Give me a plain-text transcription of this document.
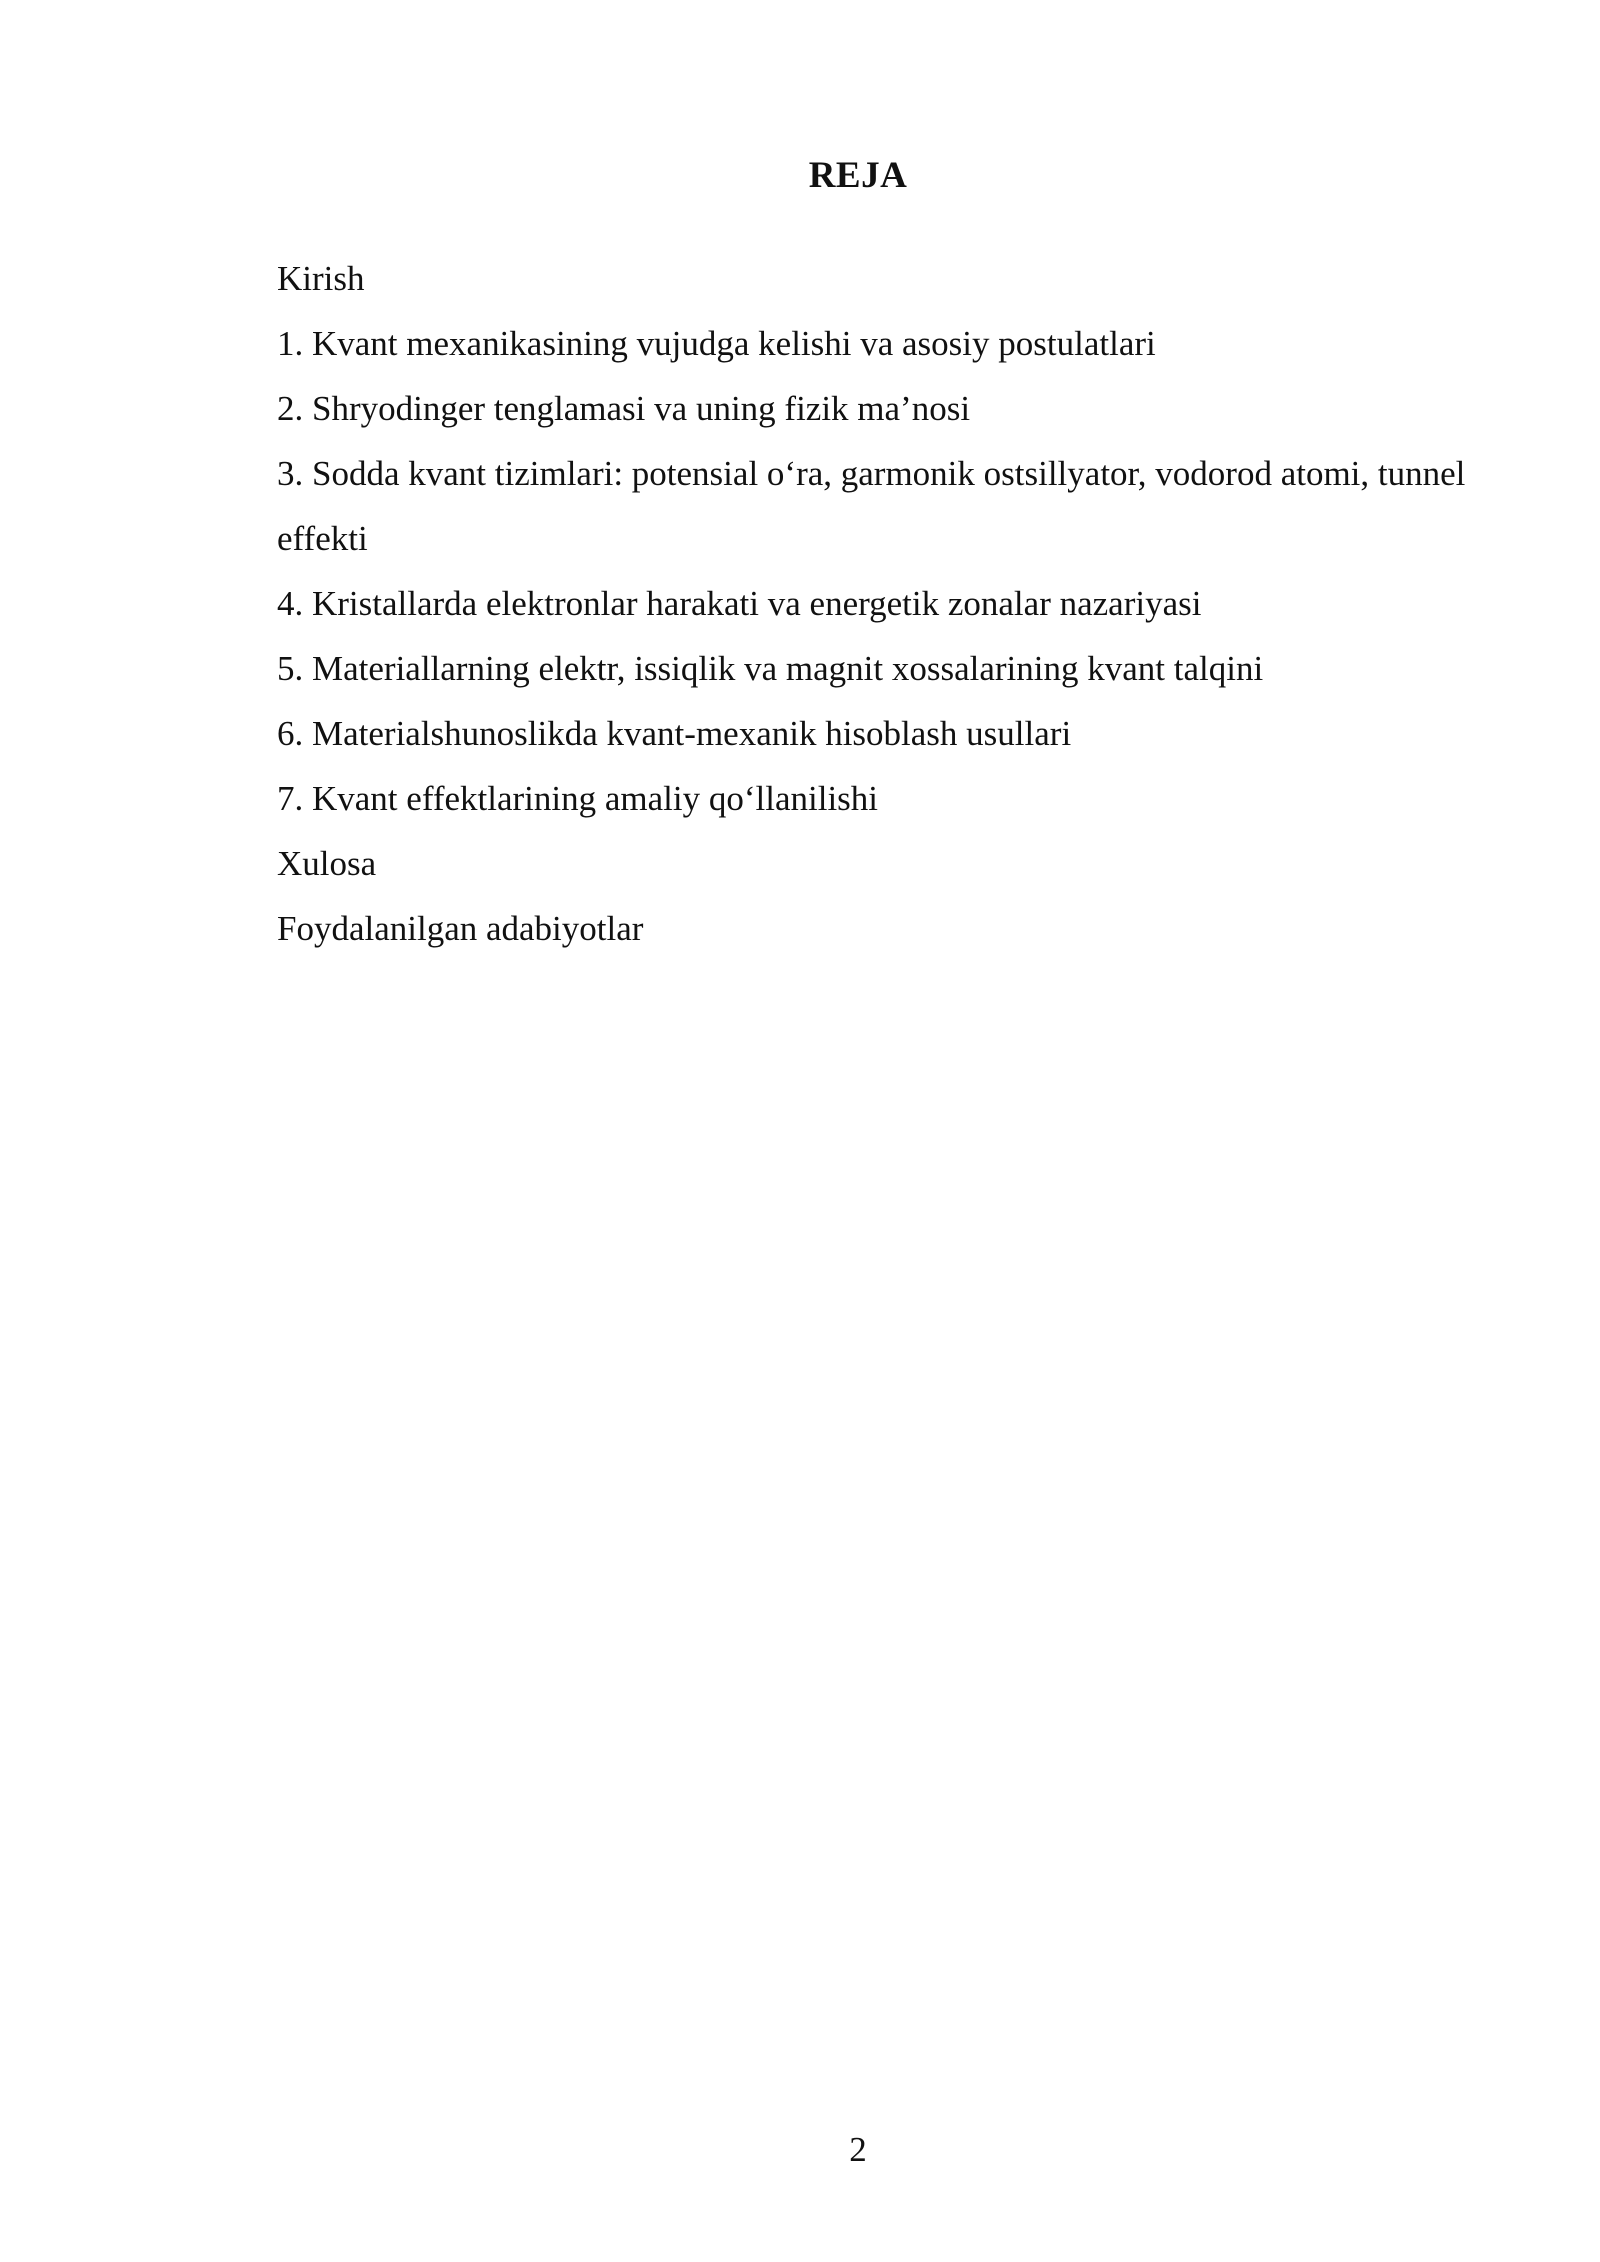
REJA
Kirish
1. Kvant mexanikasining vujudga kelishi va asosiy postulatlari
2. Shryodinger tenglamasi va uning fizik ma’nosi
3. Sodda kvant tizimlari: potensial o‘ra, garmonik ostsillyator, vodorod atomi, tunnel effekti
4. Kristallarda elektronlar harakati va energetik zonalar nazariyasi
5. Materiallarning elektr, issiqlik va magnit xossalarining kvant talqini
6. Materialshunoslikda kvant-mexanik hisoblash usullari
7. Kvant effektlarining amaliy qo‘llanilishi
Xulosa
Foydalanilgan adabiyotlar
2
